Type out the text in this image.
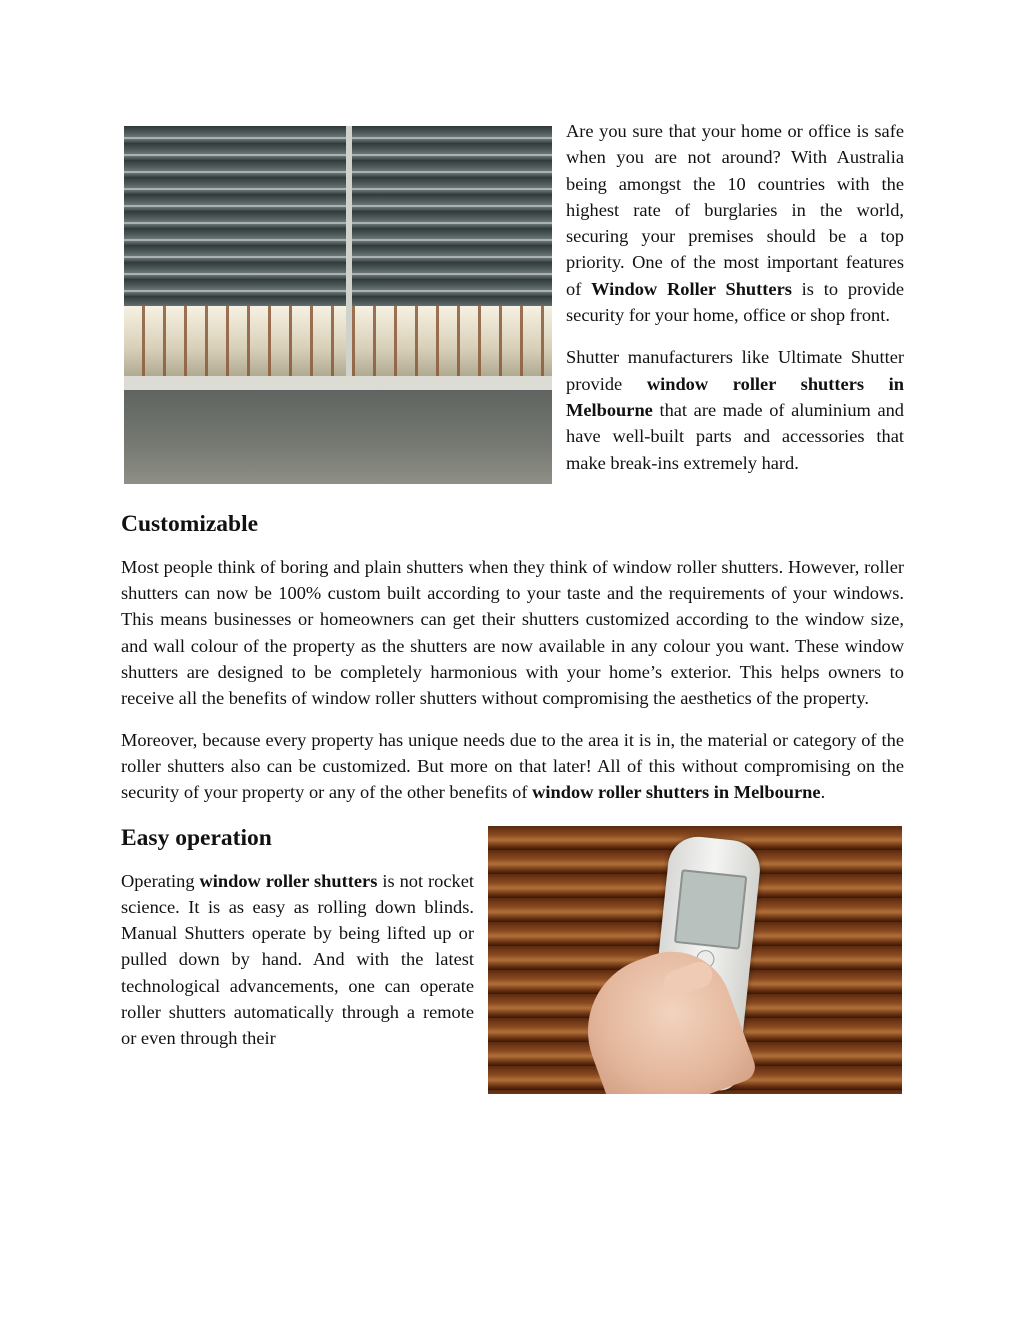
Are you sure that your home or office is safe when you are not around? With Australia being amongst the 10 countries with the highest rate of burglaries in the world, securing your premises should be a top priority. One of the most important features of Window Roller Shutters is to provide security for your home, office or shop front.

Shutter manufacturers like Ultimate Shutter provide window roller shutters in Melbourne that are made of aluminium and have well-built parts and accessories that make break-ins extremely hard.

Customizable

Most people think of boring and plain shutters when they think of window roller shutters. However, roller shutters can now be 100% custom built according to your taste and the requirements of your windows. This means businesses or homeowners can get their shutters customized according to the window size, and wall colour of the property as the shutters are now available in any colour you want. These window shutters are designed to be completely harmonious with your home’s exterior. This helps owners to receive all the benefits of window roller shutters without compromising the aesthetics of the property.

Moreover, because every property has unique needs due to the area it is in, the material or category of the roller shutters also can be customized. But more on that later! All of this without compromising on the security of your property or any of the other benefits of window roller shutters in Melbourne.

Easy operation

Operating window roller shutters is not rocket science. It is as easy as rolling down blinds. Manual Shutters operate by being lifted up or pulled down by hand. And with the latest technological advancements, one can operate roller shutters automatically through a remote or even through their
